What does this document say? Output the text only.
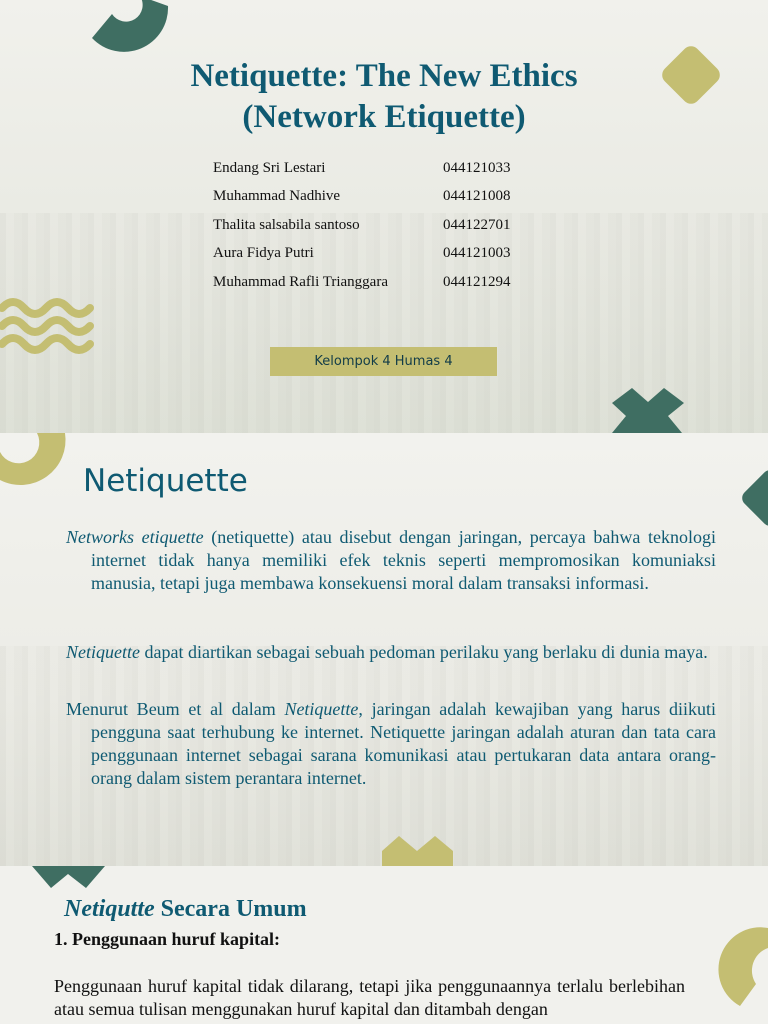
Netiquette: The New Ethics
(Network Etiquette)
Endang Sri Lestari	044121033
Muhammad Nadhive	044121008
Thalita salsabila santoso	044122701
Aura Fidya Putri	044121003
Muhammad Rafli Trianggara	044121294
Kelompok 4 Humas 4
Netiquette

Networks etiquette (netiquette) atau disebut dengan jaringan, percaya bahwa teknologi internet tidak hanya memiliki efek teknis seperti mempromosikan komuniaksi manusia, tetapi juga membawa konsekuensi moral dalam transaksi informasi.

Netiquette dapat diartikan sebagai sebuah pedoman perilaku yang berlaku di dunia maya.

Menurut Beum et al dalam Netiquette, jaringan adalah kewajiban yang harus diikuti pengguna saat terhubung ke internet. Netiquette jaringan adalah aturan dan tata cara penggunaan internet sebagai sarana komunikasi atau pertukaran data antara orang-orang dalam sistem perantara internet.

Netiqutte Secara Umum

1. Penggunaan huruf kapital:

Penggunaan huruf kapital tidak dilarang, tetapi jika penggunaannya terlalu berlebihan atau semua tulisan menggunakan huruf kapital dan ditambah dengan
